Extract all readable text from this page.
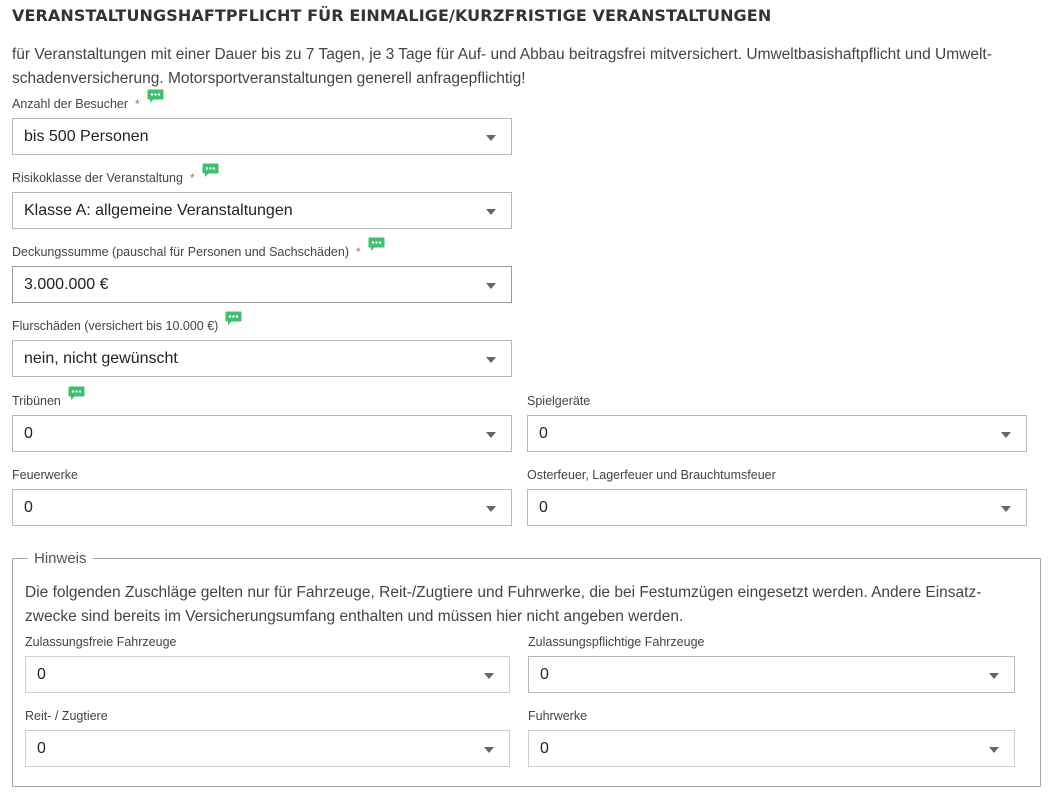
VERANSTALTUNGSHAFTPFLICHT FÜR EINMALIGE/KURZFRISTIGE VERANSTALTUNGEN

für Veranstaltungen mit einer Dauer bis zu 7 Tagen, je 3 Tage für Auf- und Abbau beitragsfrei mitversichert. Umweltbasishaftpflicht und Umwelt-schadenversicherung. Motorsportveranstaltungen generell anfragepflichtig!

Anzahl der Besucher *
bis 500 Personen
Risikoklasse der Veranstaltung *
Klasse A: allgemeine Veranstaltungen
Deckungssumme (pauschal für Personen und Sachschäden) *
3.000.000 €
Flurschäden (versichert bis 10.000 €)
nein, nicht gewünscht
Tribünen
0
Spielgeräte
0
Feuerwerke
0
Osterfeuer, Lagerfeuer und Brauchtumsfeuer
0
Hinweis

Die folgenden Zuschläge gelten nur für Fahrzeuge, Reit-/Zugtiere und Fuhrwerke, die bei Festumzügen eingesetzt werden. Andere Einsatz-zwecke sind bereits im Versicherungsumfang enthalten und müssen hier nicht angeben werden.

Zulassungsfreie Fahrzeuge
0
Zulassungspflichtige Fahrzeuge
0
Reit- / Zugtiere
0
Fuhrwerke
0
